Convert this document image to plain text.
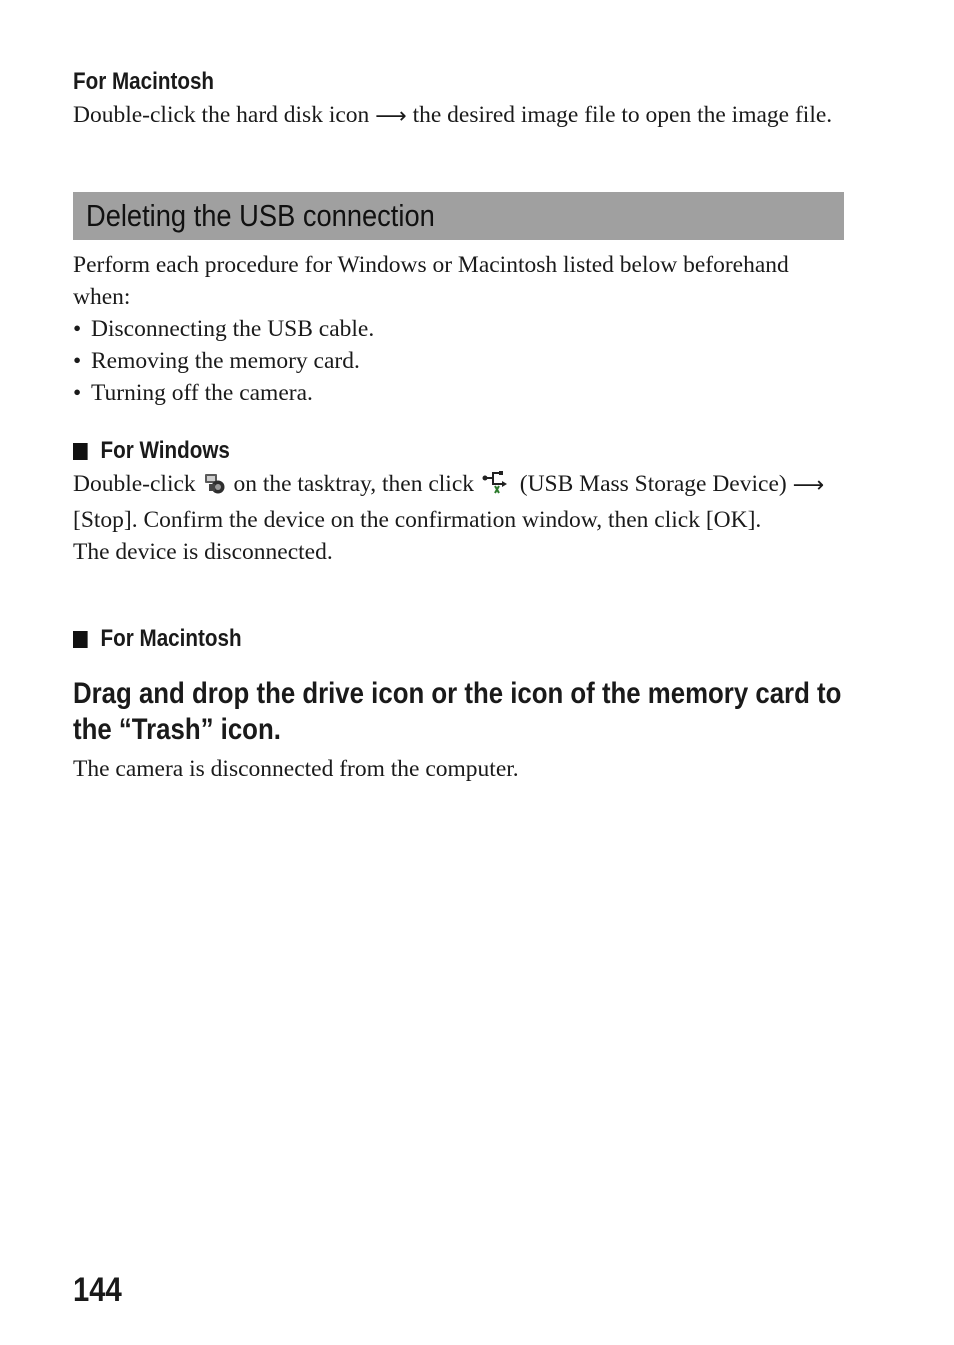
For Macintosh
Double-click the hard disk icon ⟶ the desired image file to open the image file.
Deleting the USB connection
Perform each procedure for Windows or Macintosh listed below beforehand when:
• Disconnecting the USB cable.
• Removing the memory card.
• Turning off the camera.
For Windows
Double-click on the tasktray, then click (USB Mass Storage Device) ⟶ [Stop]. Confirm the device on the confirmation window, then click [OK].
The device is disconnected.
For Macintosh
Drag and drop the drive icon or the icon of the memory card to the “Trash” icon.
The camera is disconnected from the computer.
144
